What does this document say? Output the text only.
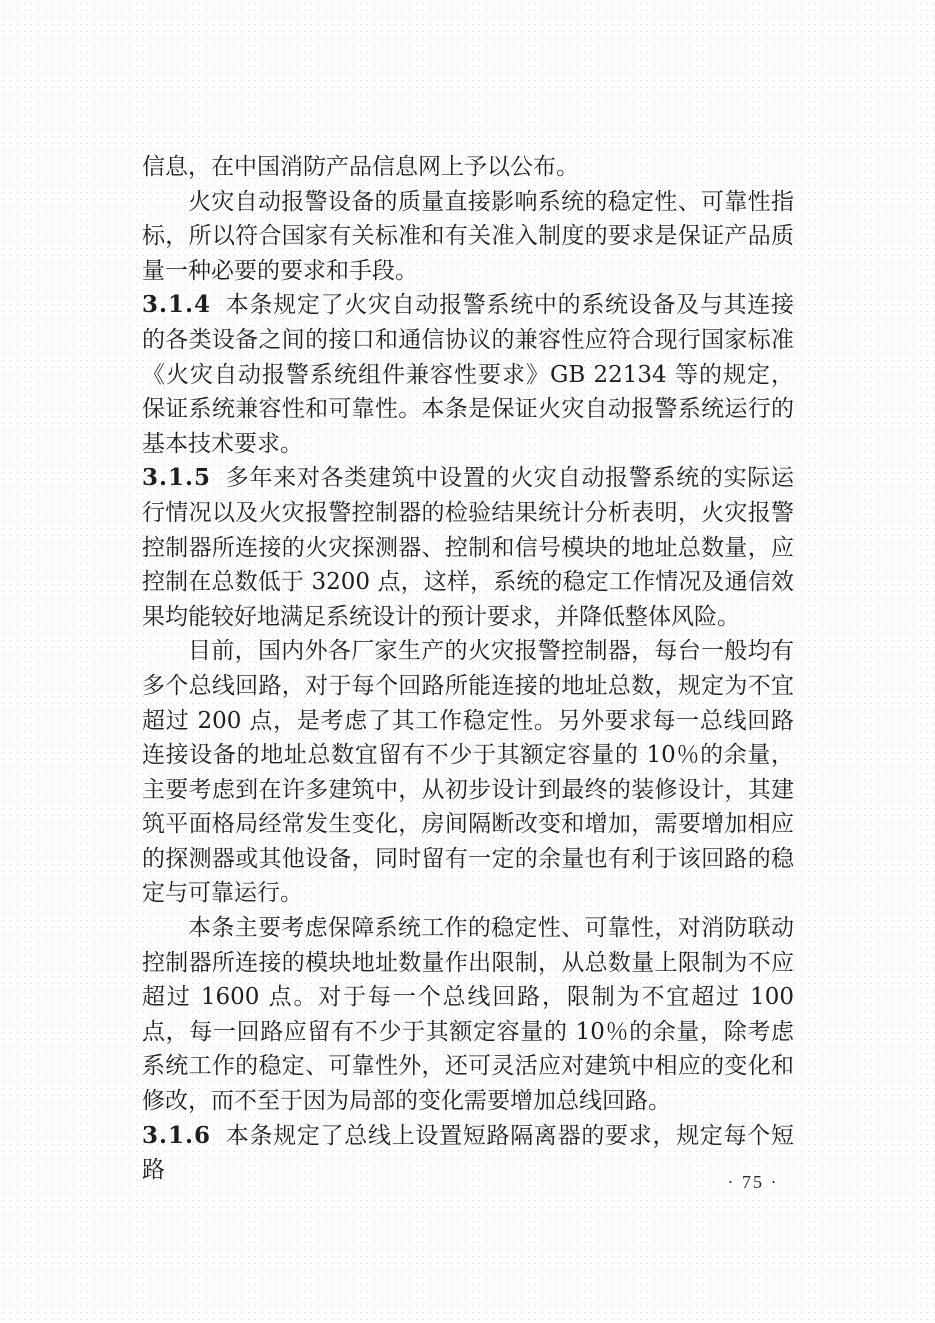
信息，在中国消防产品信息网上予以公布。

火灾自动报警设备的质量直接影响系统的稳定性、可靠性指标，所以符合国家有关标准和有关准入制度的要求是保证产品质量一种必要的要求和手段。

3.1.4 本条规定了火灾自动报警系统中的系统设备及与其连接的各类设备之间的接口和通信协议的兼容性应符合现行国家标准《火灾自动报警系统组件兼容性要求》GB 22134 等的规定，保证系统兼容性和可靠性。本条是保证火灾自动报警系统运行的基本技术要求。

3.1.5 多年来对各类建筑中设置的火灾自动报警系统的实际运行情况以及火灾报警控制器的检验结果统计分析表明，火灾报警控制器所连接的火灾探测器、控制和信号模块的地址总数量，应控制在总数低于 3200 点，这样，系统的稳定工作情况及通信效果均能较好地满足系统设计的预计要求，并降低整体风险。

目前，国内外各厂家生产的火灾报警控制器，每台一般均有多个总线回路，对于每个回路所能连接的地址总数，规定为不宜超过 200 点，是考虑了其工作稳定性。另外要求每一总线回路连接设备的地址总数宜留有不少于其额定容量的 10％的余量，主要考虑到在许多建筑中，从初步设计到最终的装修设计，其建筑平面格局经常发生变化，房间隔断改变和增加，需要增加相应的探测器或其他设备，同时留有一定的余量也有利于该回路的稳定与可靠运行。

本条主要考虑保障系统工作的稳定性、可靠性，对消防联动控制器所连接的模块地址数量作出限制，从总数量上限制为不应超过 1600 点。对于每一个总线回路，限制为不宜超过 100 点，每一回路应留有不少于其额定容量的 10％的余量，除考虑系统工作的稳定、可靠性外，还可灵活应对建筑中相应的变化和修改，而不至于因为局部的变化需要增加总线回路。

3.1.6 本条规定了总线上设置短路隔离器的要求，规定每个短路	· 75 ·
